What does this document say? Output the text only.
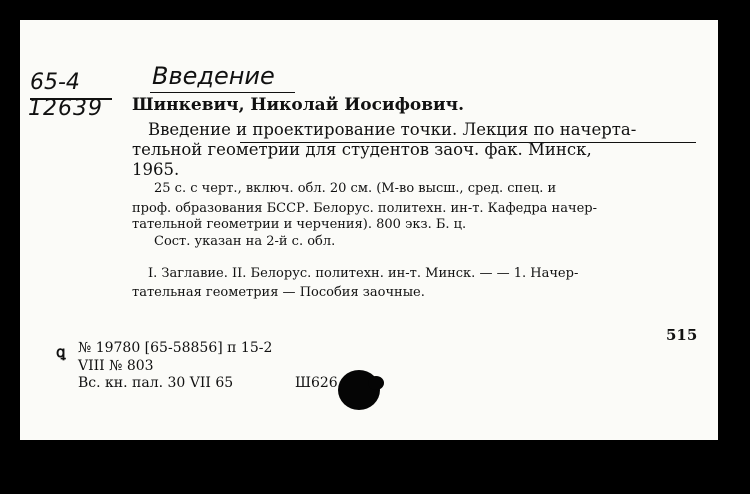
65-4
12639
Введение
Шинкевич, Николай Иосифович.
Введение и проектирование точки. Лекция по начерта-
тельной геометрии для студентов заоч. фак. Минск,
1965.
25 с. с черт., включ. обл. 20 см. (М-во высш., сред. спец. и
проф. образования БССР. Белорус. политехн. ин-т. Кафедра начер-
тательной геометрии и черчения). 800 экз. Б. ц.
Сост. указан на 2-й с. обл.
I. Заглавие. II. Белорус. политехн. ин-т. Минск. — — 1. Начер-
тательная геометрия — Пособия заочные.
515
ꝗ № 19780 [65-58856] п 15-2
VIII № 803
Вс. кн. пал. 30 VII 65	Ш626
